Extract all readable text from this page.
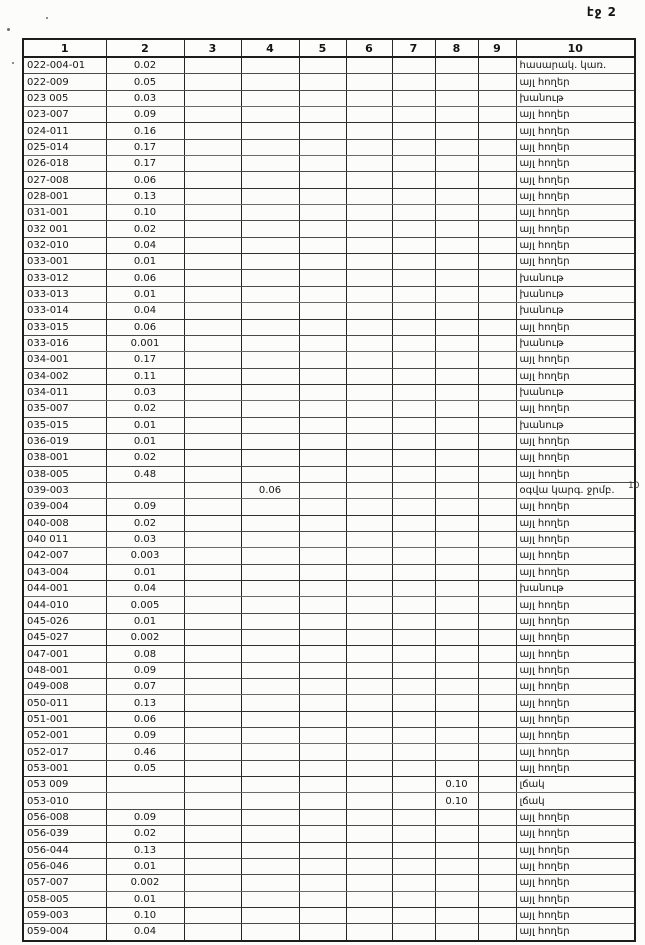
էջ 2
1	2	3	4	5	6	7	8	9	10
022-004-01	0.02								հասարակ. կառ.
022-009	0.05								այլ հողեր
023 005	0.03								խանութ
023-007	0.09								այլ հողեր
024-011	0.16								այլ հողեր
025-014	0.17								այլ հողեր
026-018	0.17								այլ հողեր
027-008	0.06								այլ հողեր
028-001	0.13								այլ հողեր
031-001	0.10								այլ հողեր
032 001	0.02								այլ հողեր
032-010	0.04								այլ հողեր
033-001	0.01								այլ հողեր
033-012	0.06								խանութ
033-013	0.01								խանութ
033-014	0.04								խանութ
033-015	0.06								այլ հողեր
033-016	0.001								խանութ
034-001	0.17								այլ հողեր
034-002	0.11								այլ հողեր
034-011	0.03								խանութ
035-007	0.02								այլ հողեր
035-015	0.01								խանութ
036-019	0.01								այլ հողեր
038-001	0.02								այլ հողեր
038-005	0.48								այլ հողեր
039-003			0.06						օգվա կարգ. ջրմբ.
039-004	0.09								այլ հողեր
040-008	0.02								այլ հողեր
040 011	0.03								այլ հողեր
042-007	0.003								այլ հողեր
043-004	0.01								այլ հողեր
044-001	0.04								խանութ
044-010	0.005								այլ հողեր
045-026	0.01								այլ հողեր
045-027	0.002								այլ հողեր
047-001	0.08								այլ հողեր
048-001	0.09								այլ հողեր
049-008	0.07								այլ հողեր
050-011	0.13								այլ հողեր
051-001	0.06								այլ հողեր
052-001	0.09								այլ հողեր
052-017	0.46								այլ հողեր
053-001	0.05								այլ հողեր
053 009							0.10		լճակ
053-010							0.10		լճակ
056-008	0.09								այլ հողեր
056-039	0.02								այլ հողեր
056-044	0.13								այլ հողեր
056-046	0.01								այլ հողեր
057-007	0.002								այլ հողեր
058-005	0.01								այլ հողեր
059-003	0.10								այլ հողեր
059-004	0.04								այլ հողեր
10
